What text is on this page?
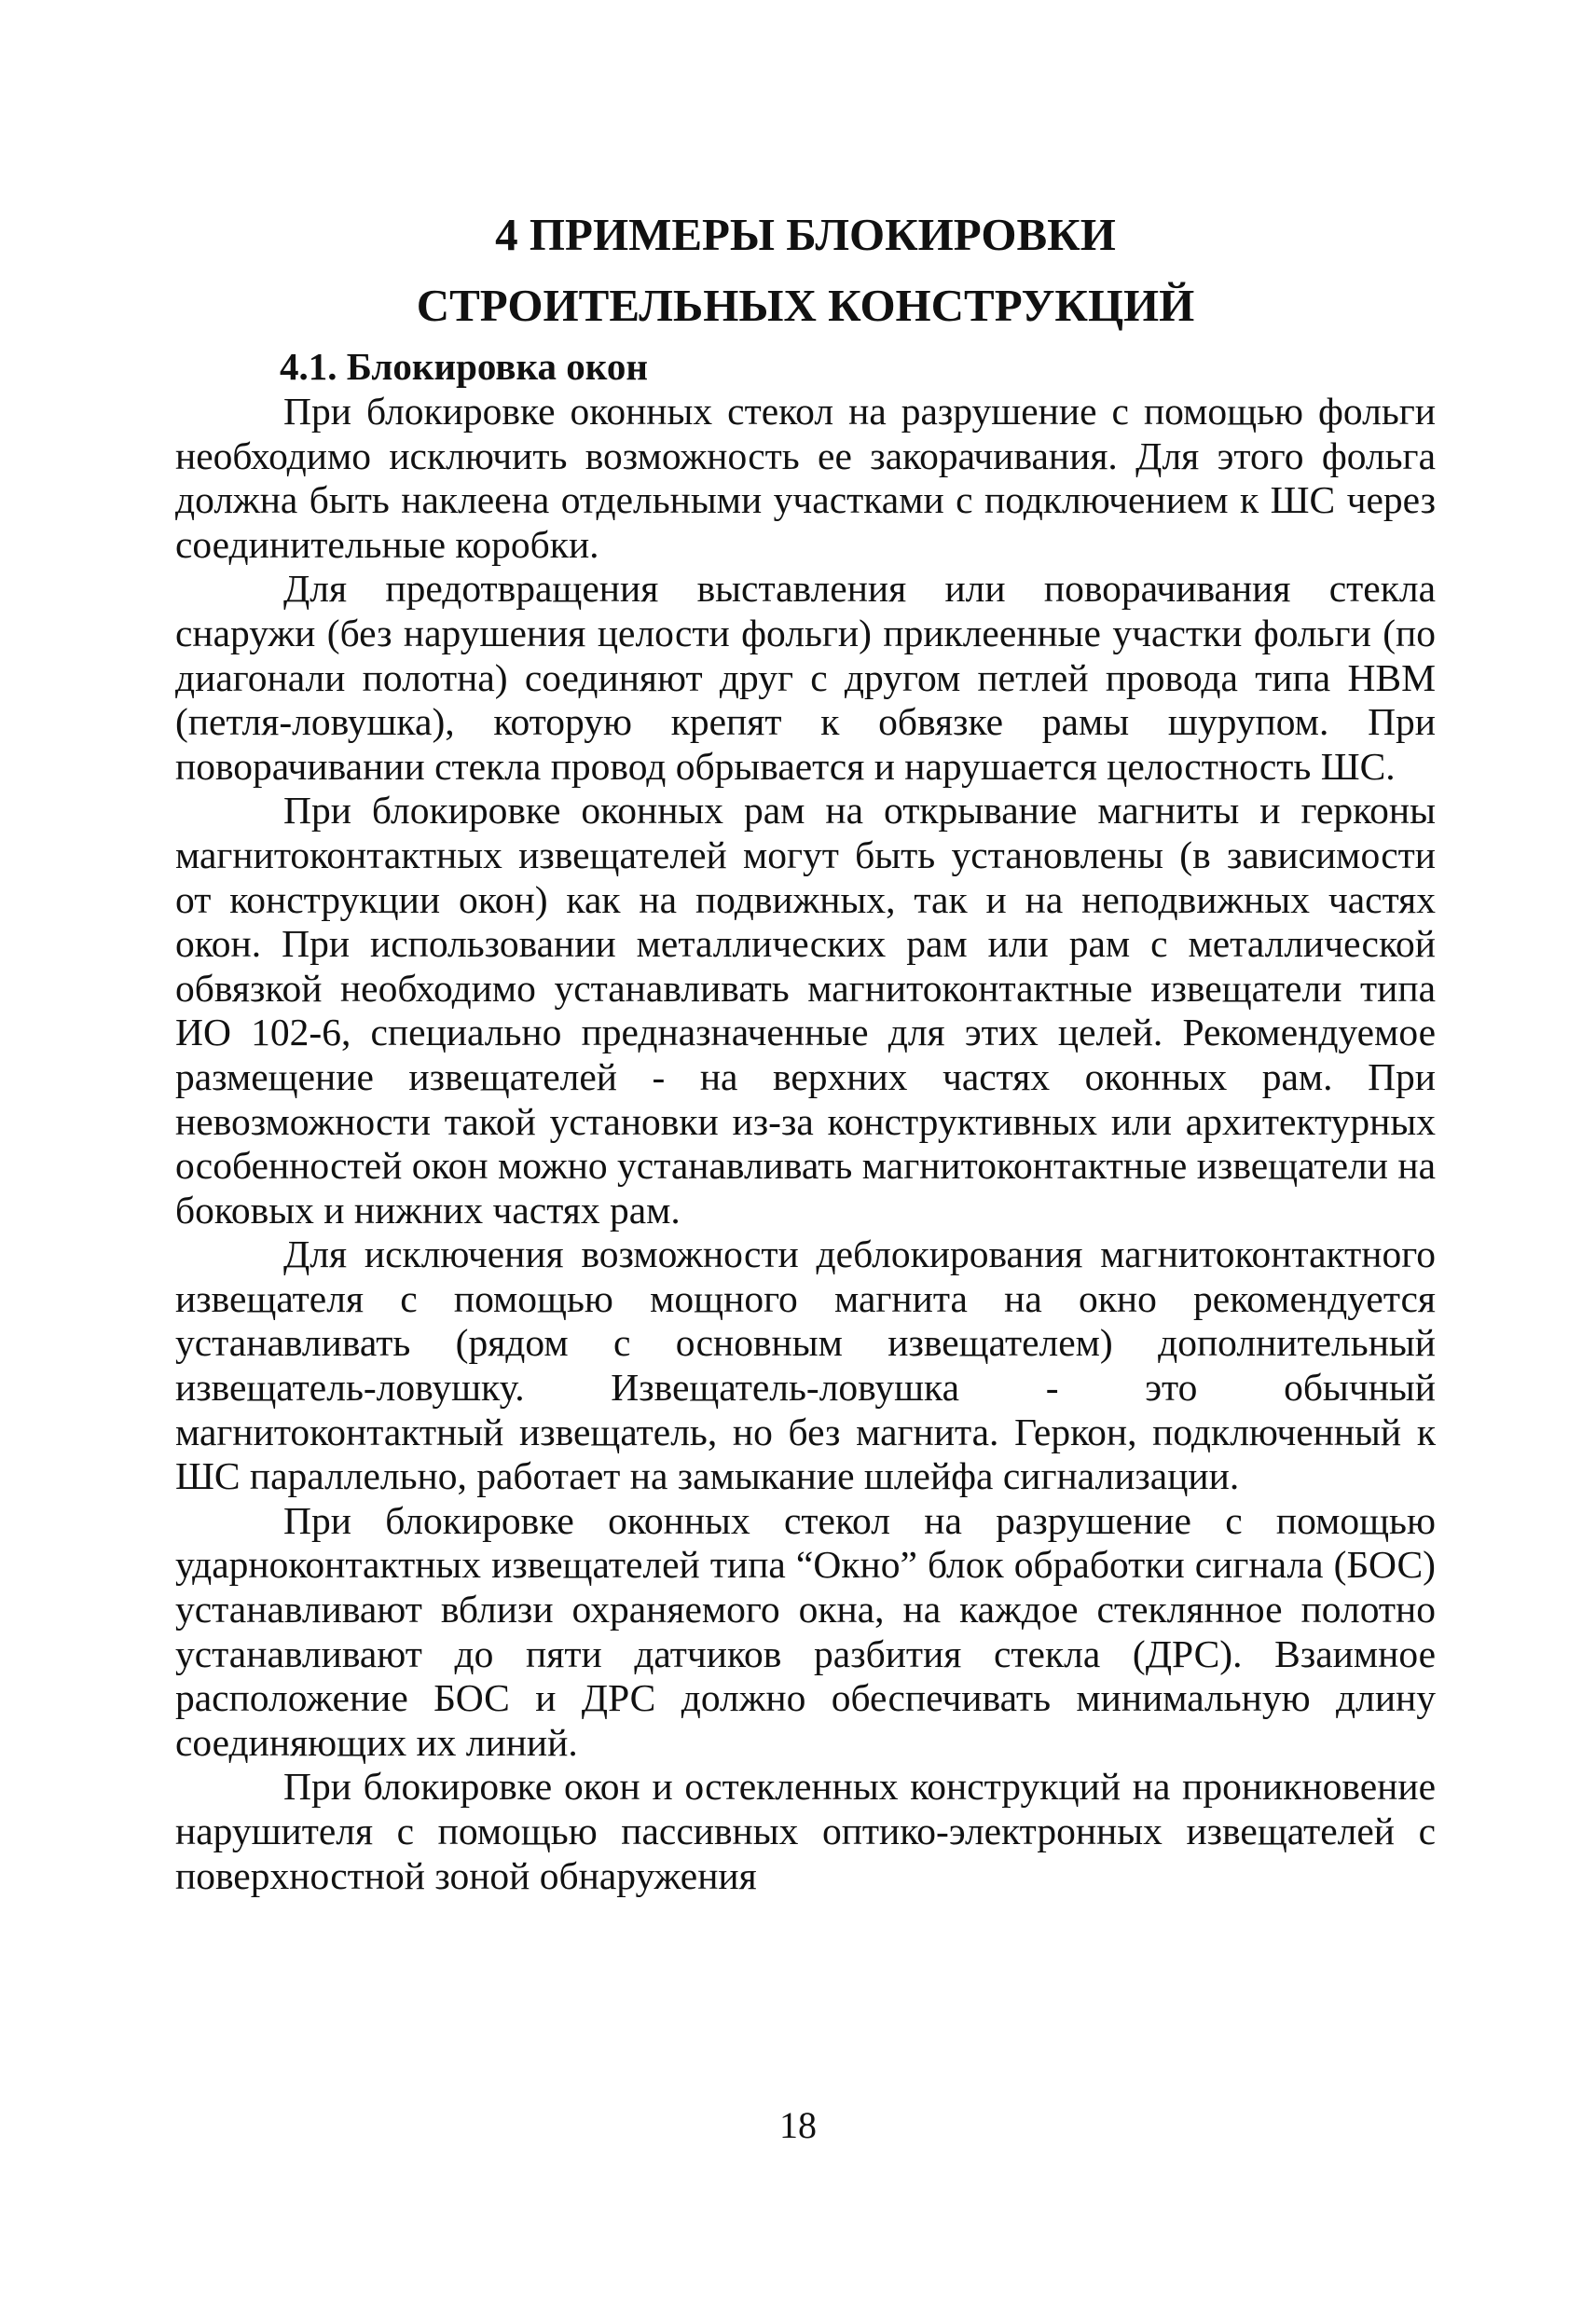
4 ПРИМЕРЫ БЛОКИРОВКИ
СТРОИТЕЛЬНЫХ КОНСТРУКЦИЙ
4.1. Блокировка окон

При блокировке оконных стекол на разрушение с помощью фольги необходимо исключить возможность ее закорачивания. Для этого фольга должна быть наклеена отдельными участками с подключением к ШС через соединительные коробки.

Для предотвращения выставления или поворачивания стекла снаружи (без нарушения целости фольги) приклеенные участки фольги (по диагонали полотна) соединяют друг с другом петлей провода типа НВМ (петля-ловушка), которую крепят к обвязке рамы шурупом. При поворачивании стекла провод обрывается и нарушается целостность ШС.

При блокировке оконных рам на открывание магниты и герконы магнитоконтактных извещателей могут быть установлены (в зависимости от конструкции окон) как на подвижных, так и на неподвижных частях окон. При использовании металлических рам или рам с металлической обвязкой необходимо устанавливать магнитоконтактные извещатели типа ИО 102-6, специально предназначенные для этих целей. Рекомендуемое размещение извещателей - на верхних частях оконных рам. При невозможности такой установки из-за конструктивных или архитектурных особенностей окон можно устанавливать магнитоконтактные извещатели на боковых и нижних частях рам.

Для исключения возможности деблокирования магнитоконтактного извещателя с помощью мощного магнита на окно рекомендуется устанавливать (рядом с основным извещателем) дополнительный извещатель-ловушку. Извещатель-ловушка - это обычный магнитоконтактный извещатель, но без магнита. Геркон, подключенный к ШС параллельно, работает на замыкание шлейфа сигнализации.

При блокировке оконных стекол на разрушение с помощью ударноконтактных извещателей типа “Окно” блок обработки сигнала (БОС) устанавливают вблизи охраняемого окна, на каждое стеклянное полотно устанавливают до пяти датчиков разбития стекла (ДРС). Взаимное расположение БОС и ДРС должно обеспечивать минимальную длину соединяющих их линий.

При блокировке окон и остекленных конструкций на проникновение нарушителя с помощью пассивных оптико-электронных извещателей с поверхностной зоной обнаружения

18
